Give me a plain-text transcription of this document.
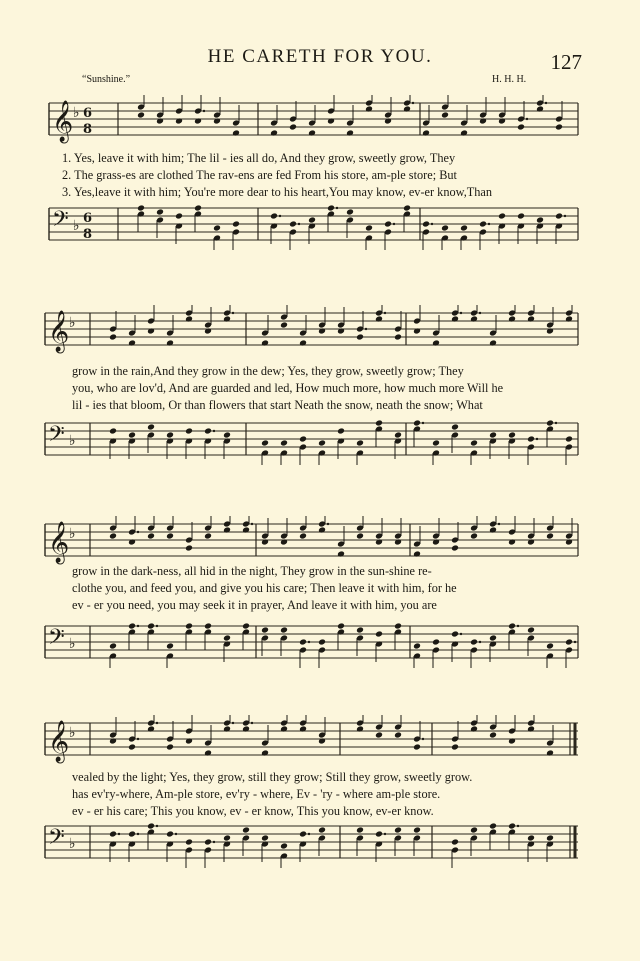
HE CARETH FOR YOU.	127
“Sunshine.”	H. H. H.
𝄞 ♭ 6
8
1. Yes, leave it with him; The lil - ies all do, And they grow, sweetly grow, They
2. The grass-es are clothed The rav-ens are fed From his store, am-ple store; But
3. Yes,leave it with him; You're more dear to his heart,You may know, ev-er know,Than
𝄢 ♭ 6
8
𝄞 ♭
grow in the rain,And they grow in the dew; Yes, they grow, sweetly grow; They
you, who are lov'd, And are guarded and led, How much more, how much more Will he
lil - ies that bloom, Or than flowers that start Neath the snow, neath the snow; What
𝄢 ♭
𝄞 ♭
grow in the dark-ness, all hid in the night, They grow in the sun-shine re-
clothe you, and feed you, and give you his care; Then leave it with him, for he
ev - er you need, you may seek it in prayer, And leave it with him, you are
𝄢 ♭
𝄞 ♭
vealed by the light; Yes, they grow, still they grow; Still they grow, sweetly grow.
has ev'ry-where, Am-ple store, ev'ry - where, Ev - 'ry - where am-ple store.
ev - er his care; This you know, ev - er know, This you know, ev-er know.
𝄢 ♭
